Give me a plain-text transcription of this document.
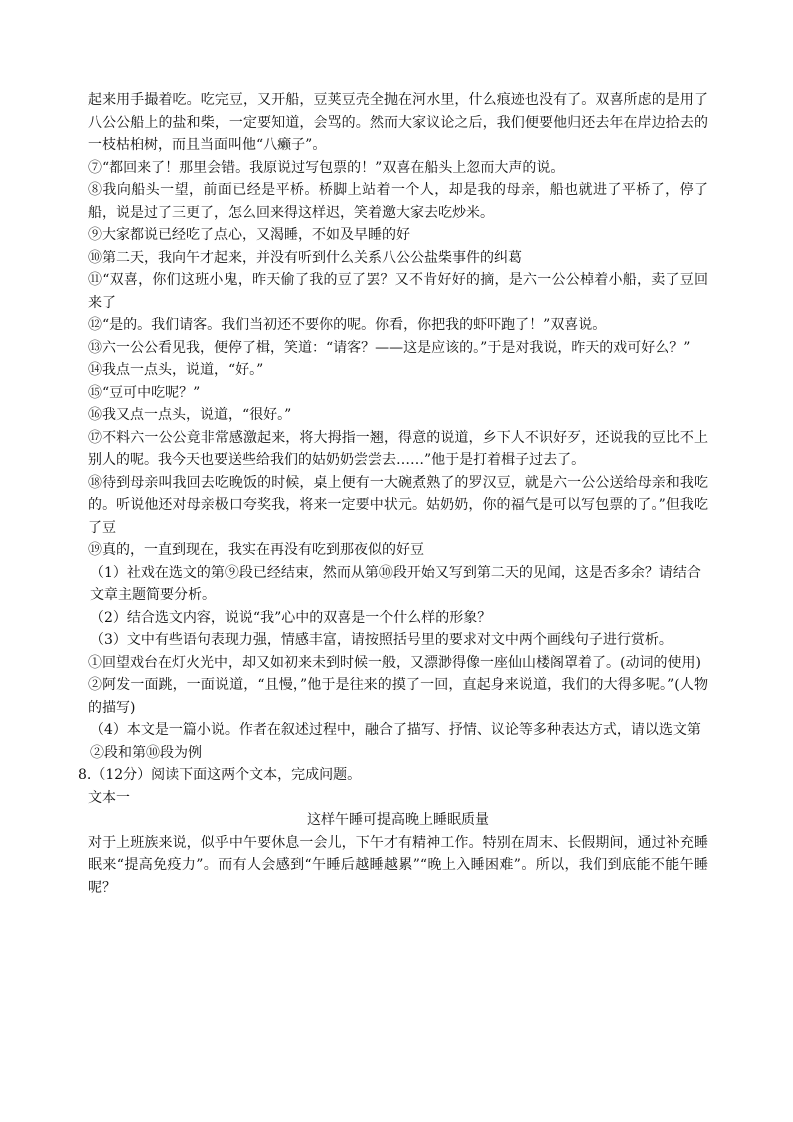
起来用手撮着吃。吃完豆，又开船，豆荚豆壳全抛在河水里，什么痕迹也没有了。双喜所虑的是用了八公公船上的盐和柴，一定要知道，会骂的。然而大家议论之后，我们便要他归还去年在岸边拾去的一枝枯桕树，而且当面叫他“八癞子”。

⑦“都回来了！那里会错。我原说过写包票的！”双喜在船头上忽而大声的说。

⑧我向船头一望，前面已经是平桥。桥脚上站着一个人，却是我的母亲，船也就进了平桥了，停了船，说是过了三更了，怎么回来得这样迟，笑着邀大家去吃炒米。

⑨大家都说已经吃了点心，又渴睡，不如及早睡的好

⑩第二天，我向午才起来，并没有听到什么关系八公公盐柴事件的纠葛

⑪“双喜，你们这班小鬼，昨天偷了我的豆了罢？又不肯好好的摘，是六一公公棹着小船，卖了豆回来了

⑫“是的。我们请客。我们当初还不要你的呢。你看，你把我的虾吓跑了！”双喜说。

⑬六一公公看见我，便停了楫，笑道：“请客？——这是应该的。”于是对我说，昨天的戏可好么？”

⑭我点一点头，说道，“好。”

⑮“豆可中吃呢？”

⑯我又点一点头，说道，“很好。”

⑰不料六一公公竟非常感激起来，将大拇指一翘，得意的说道，乡下人不识好歹，还说我的豆比不上别人的呢。我今天也要送些给我们的姑奶奶尝尝去……”他于是打着楫子过去了。

⑱待到母亲叫我回去吃晚饭的时候，桌上便有一大碗煮熟了的罗汉豆，就是六一公公送给母亲和我吃的。听说他还对母亲极口夸奖我，将来一定要中状元。姑奶奶，你的福气是可以写包票的了。”但我吃了豆

⑲真的，一直到现在，我实在再没有吃到那夜似的好豆

（1）社戏在选文的第⑨段已经结束，然而从第⑩段开始又写到第二天的见闻，这是否多余？请结合文章主题简要分析。

（2）结合选文内容，说说“我”心中的双喜是一个什么样的形象？

（3）文中有些语句表现力强，情感丰富，请按照括号里的要求对文中两个画线句子进行赏析。

①回望戏台在灯火光中，却又如初来未到时候一般，又漂渺得像一座仙山楼阁罩着了。(动词的使用)

②阿发一面跳，一面说道，“且慢，”他于是往来的摸了一回，直起身来说道，我们的大得多呢。”(人物的描写)

（4）本文是一篇小说。作者在叙述过程中，融合了描写、抒情、议论等多种表达方式，请以选文第②段和第⑩段为例

8.（12分）阅读下面这两个文本，完成问题。

文本一

这样午睡可提高晚上睡眠质量

对于上班族来说，似乎中午要休息一会儿，下午才有精神工作。特别在周末、长假期间，通过补充睡眠来“提高免疫力”。而有人会感到“午睡后越睡越累”“晚上入睡困难”。所以，我们到底能不能午睡呢？
